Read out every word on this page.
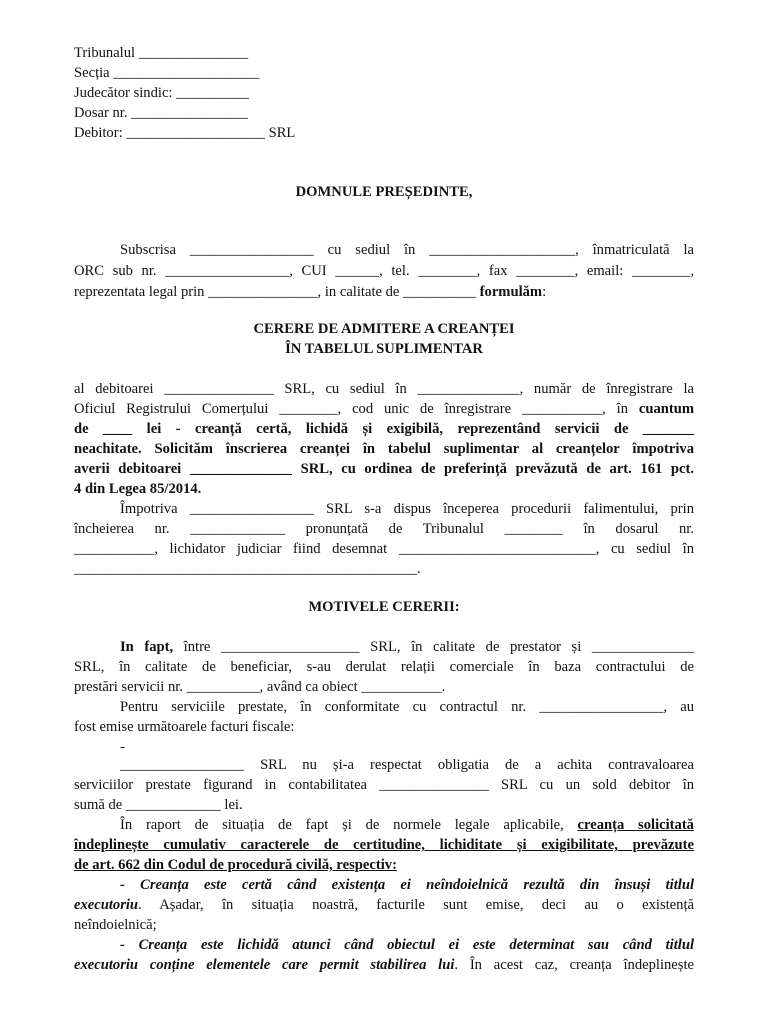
Tribunalul _______________
Secția ____________________
Judecător sindic: __________
Dosar nr. ________________
Debitor: ___________________ SRL
DOMNULE PREȘEDINTE,
Subscrisa _________________ cu sediul în ____________________, înmatriculată la
ORC sub nr. _________________, CUI ______, tel. ________, fax ________, email: ________,
reprezentata legal prin _______________, in calitate de __________ formulăm:
CERERE DE ADMITERE A CREANȚEI
ÎN TABELUL SUPLIMENTAR
al debitoarei _______________ SRL, cu sediul în ______________, număr de înregistrare la
Oficiul Registrului Comerțului ________, cod unic de înregistrare ___________, în cuantum
de ____ lei - creanță certă, lichidă și exigibilă, reprezentând servicii de _______
neachitate. Solicităm înscrierea creanței în tabelul suplimentar al creanțelor împotriva
averii debitoarei ______________ SRL, cu ordinea de preferință prevăzută de art. 161 pct.
4 din Legea 85/2014.
Împotriva _________________ SRL s-a dispus începerea procedurii falimentului, prin
încheierea nr. _____________ pronunțată de Tribunalul ________ în dosarul nr.
___________, lichidator judiciar fiind desemnat ___________________________, cu sediul în
_______________________________________________.
MOTIVELE CERERII:
In fapt, între ___________________ SRL, în calitate de prestator și ______________
SRL, în calitate de beneficiar, s-au derulat relații comerciale în baza contractului de
prestări servicii nr. __________, având ca obiect ___________.
Pentru serviciile prestate, în conformitate cu contractul nr. _________________, au
fost emise următoarele facturi fiscale:
-
_________________ SRL nu și-a respectat obligatia de a achita contravaloarea
serviciilor prestate figurand in contabilitatea _______________ SRL cu un sold debitor în
sumă de _____________ lei.
În raport de situația de fapt și de normele legale aplicabile, creanța solicitată
îndeplinește cumulativ caracterele de certitudine, lichiditate și exigibilitate, prevăzute
de art. 662 din Codul de procedură civilă, respectiv:
- Creanța este certă când existența ei neîndoielnică rezultă din însuși titlul
executoriu. Așadar, în situația noastră, facturile sunt emise, deci au o existență
neîndoielnică;
- Creanța este lichidă atunci când obiectul ei este determinat sau când titlul
executoriu conține elementele care permit stabilirea lui. În acest caz, creanța îndeplinește
